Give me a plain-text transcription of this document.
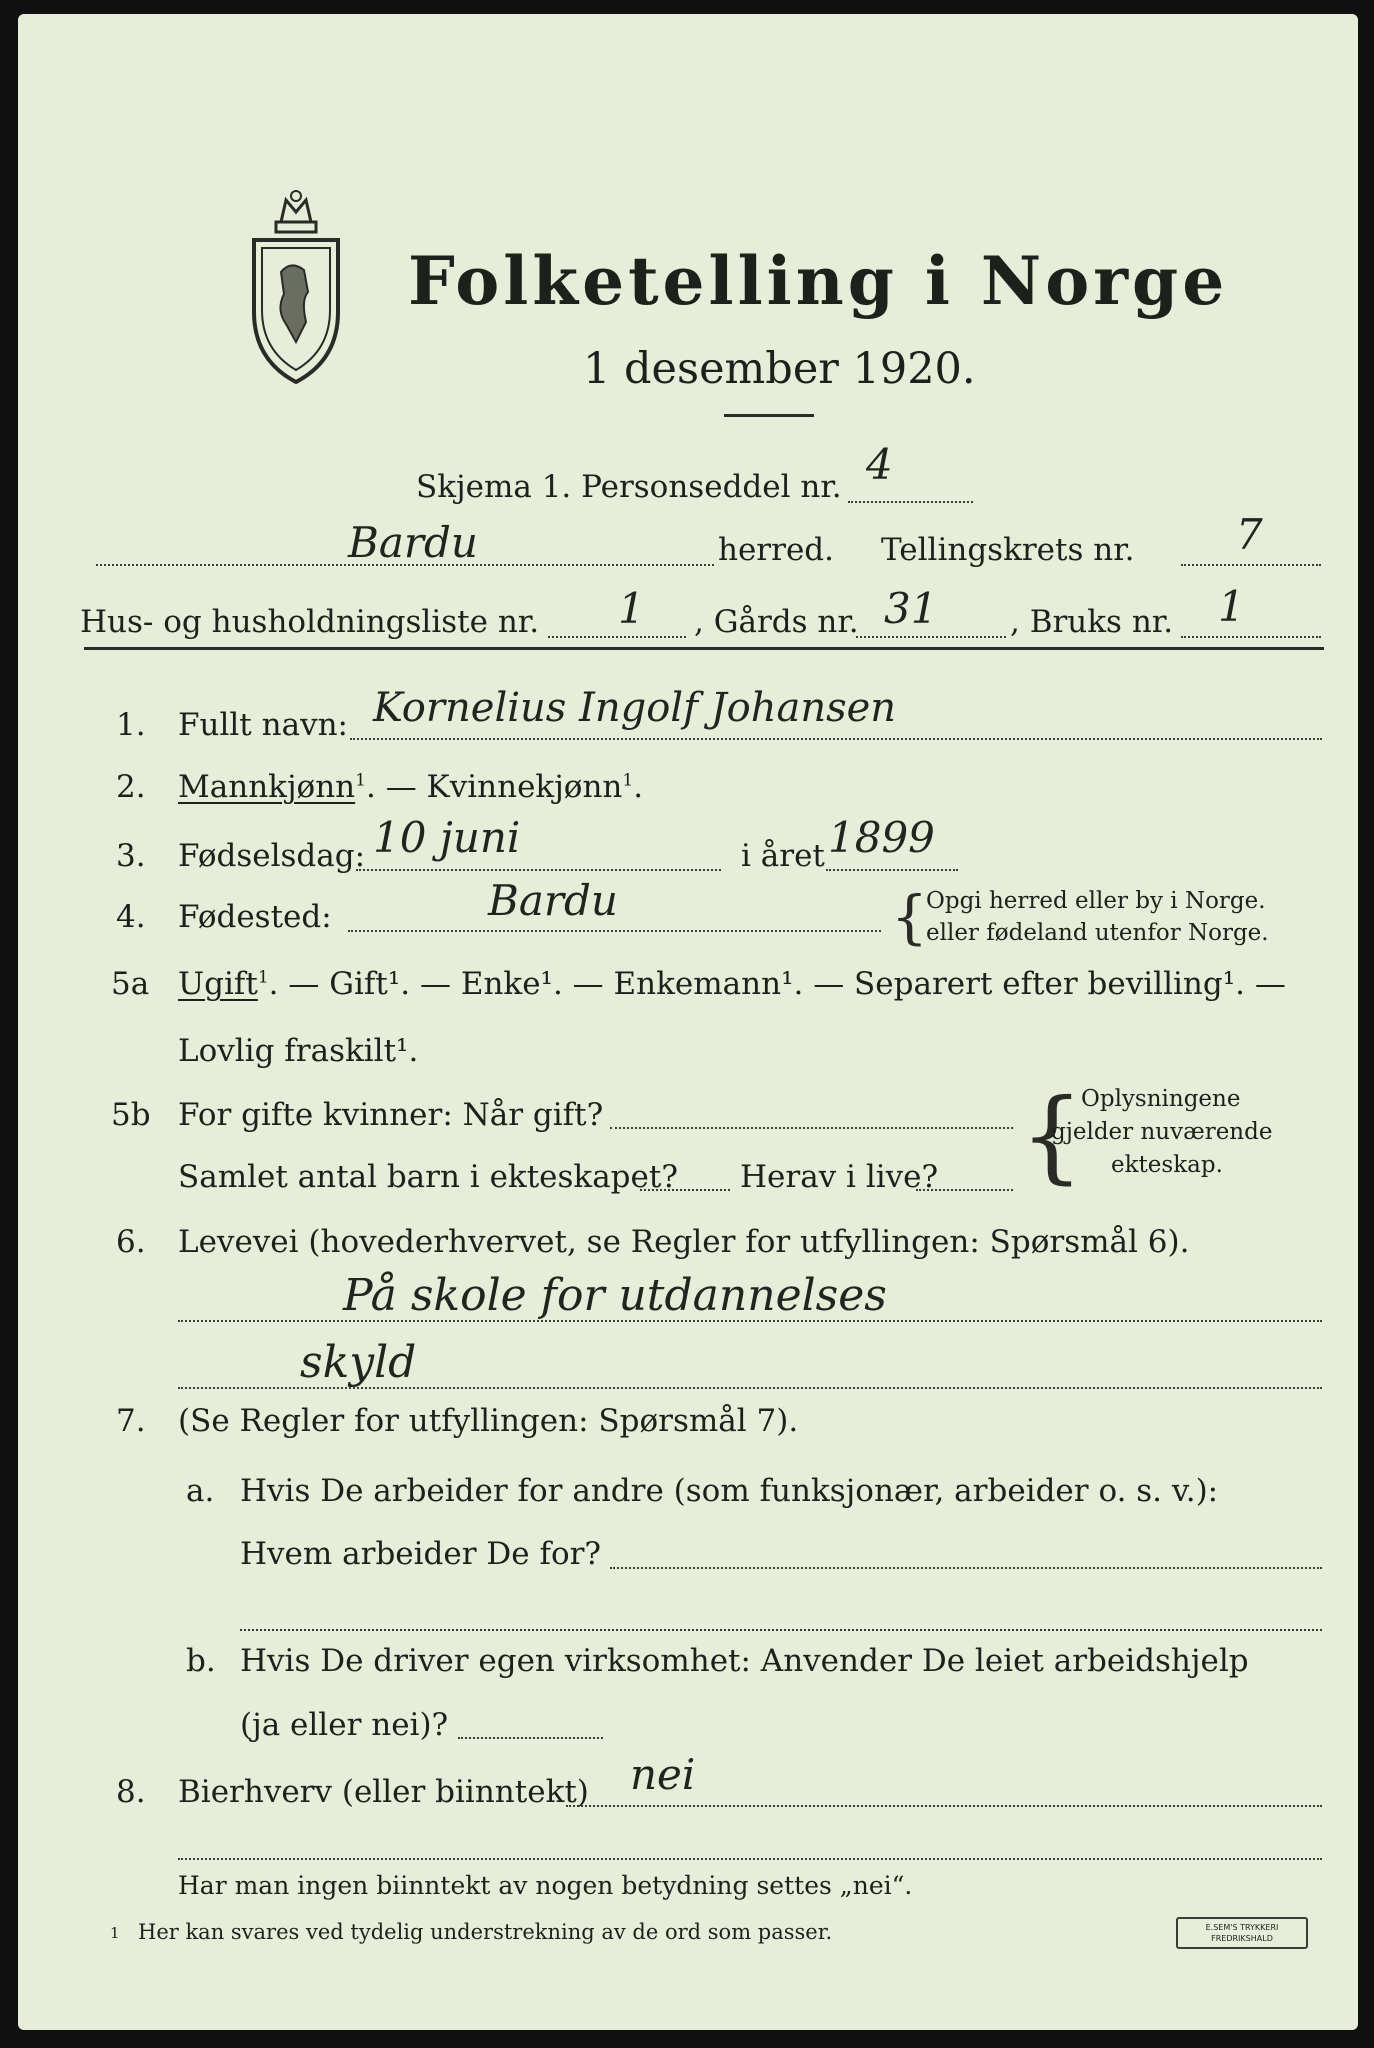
Folketelling i Norge
1 desember 1920.
Skjema 1. Personseddel nr. 4
Bardu	herred. Tellingskrets nr. 7
Hus- og husholdningsliste nr. 1 , Gårds nr. 31 , Bruks nr. 1
1. Fullt navn: Kornelius Ingolf Johansen
2. Mannkjønn$^1$. — Kvinnekjønn$^1$.
3. Fødselsdag: 10 juni	i året 1899
4. Fødested:	Bardu	{
Opgi herred eller by i Norge.
eller fødeland utenfor Norge.
5a Ugift$^1$. — Gift¹. — Enke¹. — Enkemann¹. — Separert efter bevilling¹. —
Lovlig fraskilt¹.
5b For gifte kvinner: Når gift?
Samlet antal barn i ekteskapet? Herav i live? {
Oplysningene
gjelder nuværende
ekteskap.
6. Levevei (hovederhvervet, se Regler for utfyllingen: Spørsmål 6).
På skole for utdannelses
skyld
7. (Se Regler for utfyllingen: Spørsmål 7).
a. Hvis De arbeider for andre (som funksjonær, arbeider o. s. v.):
Hvem arbeider De for?
b. Hvis De driver egen virksomhet: Anvender De leiet arbeidshjelp
(ja eller nei)?
8. Bierhverv (eller biinntekt) nei
Har man ingen biinntekt av nogen betydning settes „nei“.
1 Her kan svares ved tydelig understrekning av de ord som passer.	E.SEM'S TRYKKERI FREDRIKSHALD
